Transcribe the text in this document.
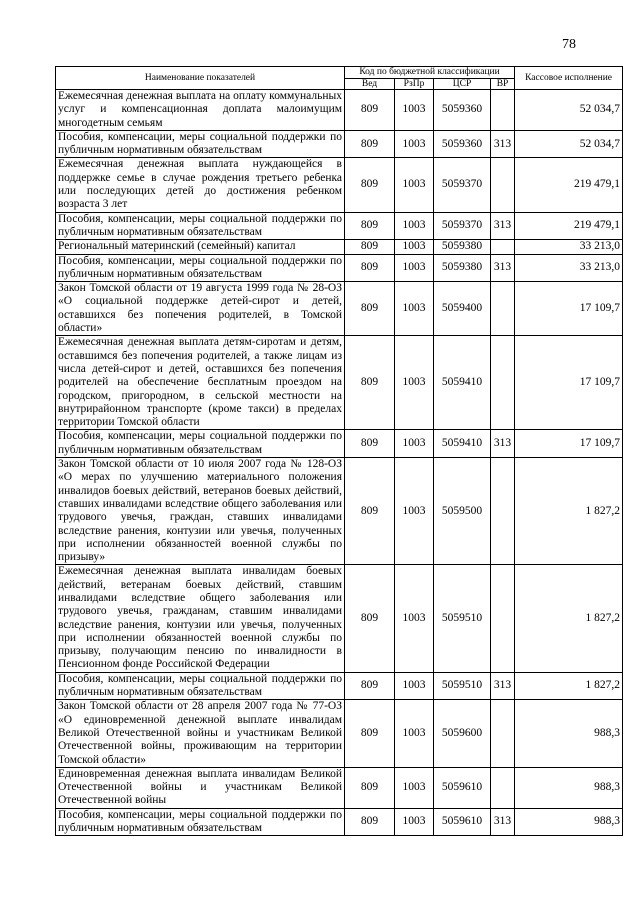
78
Наименование показателей	Код по бюджетной классификации				Кассовое исполнение
	Вед	РзПр	ЦСР	ВР	
Ежемесячная денежная выплата на оплату коммунальных услуг и компенсационная доплата малоимущим многодетным семьям	809	1003	5059360		52 034,7
Пособия, компенсации, меры социальной поддержки по публичным нормативным обязательствам	809	1003	5059360	313	52 034,7
Ежемесячная денежная выплата нуждающейся в поддержке семье в случае рождения третьего ребенка или последующих детей до достижения ребенком возраста 3 лет	809	1003	5059370		219 479,1
Пособия, компенсации, меры социальной поддержки по публичным нормативным обязательствам	809	1003	5059370	313	219 479,1
Региональный материнский (семейный) капитал	809	1003	5059380		33 213,0
Пособия, компенсации, меры социальной поддержки по публичным нормативным обязательствам	809	1003	5059380	313	33 213,0
Закон Томской области от 19 августа 1999 года № 28-ОЗ «О социальной поддержке детей-сирот и детей, оставшихся без попечения родителей, в Томской области»	809	1003	5059400		17 109,7
Ежемесячная денежная выплата детям-сиротам и детям, оставшимся без попечения родителей, а также лицам из числа детей-сирот и детей, оставшихся без попечения родителей на обеспечение бесплатным проездом на городском, пригородном, в сельской местности на внутрирайонном транспорте (кроме такси) в пределах территории Томской области	809	1003	5059410		17 109,7
Пособия, компенсации, меры социальной поддержки по публичным нормативным обязательствам	809	1003	5059410	313	17 109,7
Закон Томской области от 10 июля 2007 года № 128-ОЗ «О мерах по улучшению материального положения инвалидов боевых действий, ветеранов боевых действий, ставших инвалидами вследствие общего заболевания или трудового увечья, граждан, ставших инвалидами вследствие ранения, контузии или увечья, полученных при исполнении обязанностей военной службы по призыву»	809	1003	5059500		1 827,2
Ежемесячная денежная выплата инвалидам боевых действий, ветеранам боевых действий, ставшим инвалидами вследствие общего заболевания или трудового увечья, гражданам, ставшим инвалидами вследствие ранения, контузии или увечья, полученных при исполнении обязанностей военной службы по призыву, получающим пенсию по инвалидности в Пенсионном фонде Российской Федерации	809	1003	5059510		1 827,2
Пособия, компенсации, меры социальной поддержки по публичным нормативным обязательствам	809	1003	5059510	313	1 827,2
Закон Томской области от 28 апреля 2007 года № 77-ОЗ «О единовременной денежной выплате инвалидам Великой Отечественной войны и участникам Великой Отечественной войны, проживающим на территории Томской области»	809	1003	5059600		988,3
Единовременная денежная выплата инвалидам Великой Отечественной войны и участникам Великой Отечественной войны	809	1003	5059610		988,3
Пособия, компенсации, меры социальной поддержки по публичным нормативным обязательствам	809	1003	5059610	313	988,3
